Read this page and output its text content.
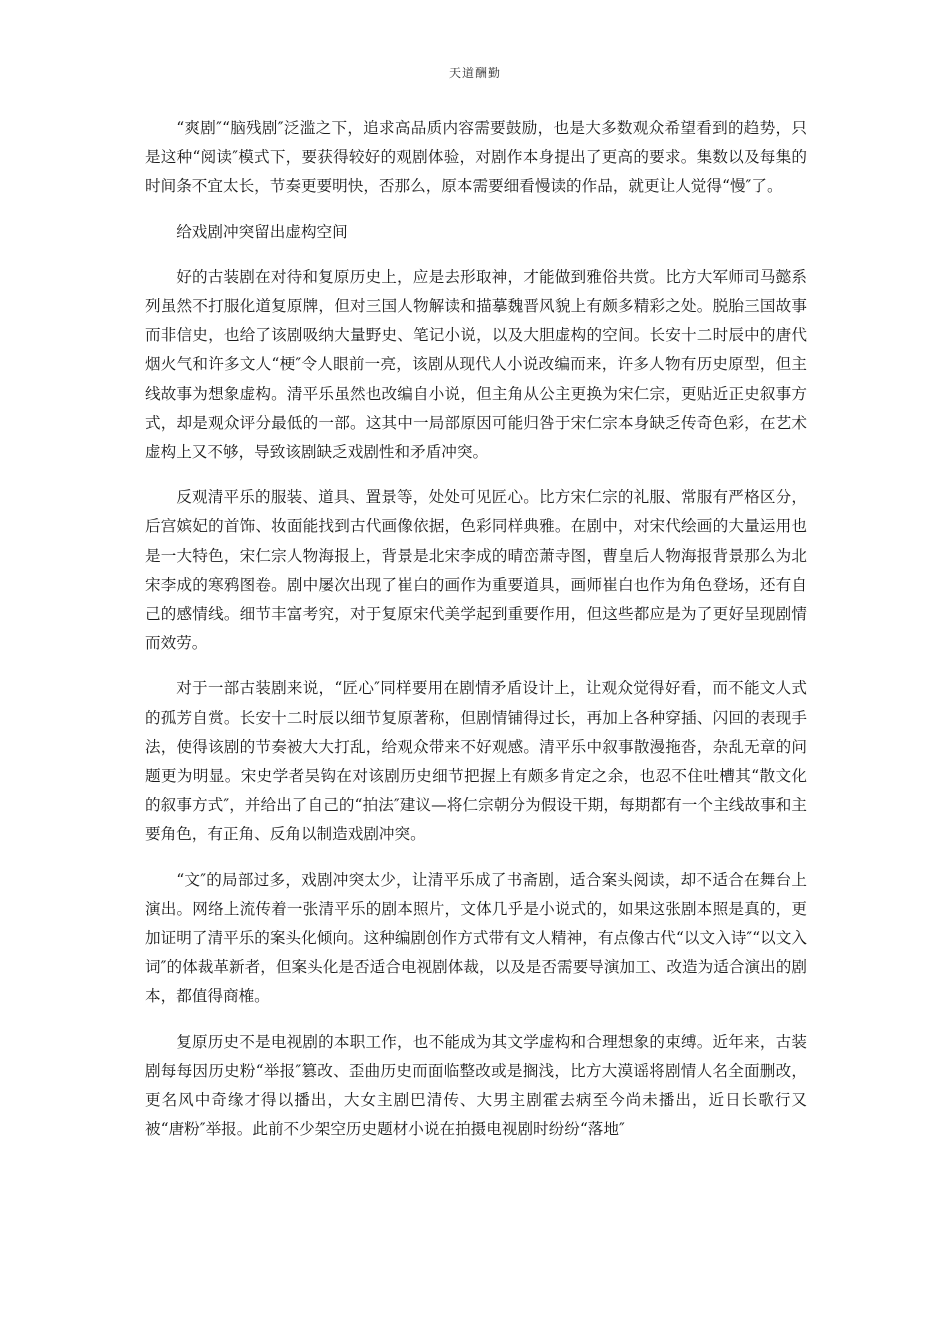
天道酬勤

“爽剧″“脑残剧″泛滥之下，追求高品质内容需要鼓励，也是大多数观众希望看到的趋势，只是这种“阅读″模式下，要获得较好的观剧体验，对剧作本身提出了更高的要求。集数以及每集的时间条不宜太长，节奏更要明快，否那么，原本需要细看慢读的作品，就更让人觉得“慢″了。

给戏剧冲突留出虚构空间

好的古装剧在对待和复原历史上，应是去形取神，才能做到雅俗共赏。比方大军师司马懿系列虽然不打服化道复原牌，但对三国人物解读和描摹魏晋风貌上有颇多精彩之处。脱胎三国故事而非信史，也给了该剧吸纳大量野史、笔记小说，以及大胆虚构的空间。长安十二时辰中的唐代烟火气和许多文人“梗″令人眼前一亮，该剧从现代人小说改编而来，许多人物有历史原型，但主线故事为想象虚构。清平乐虽然也改编自小说，但主角从公主更换为宋仁宗，更贴近正史叙事方式，却是观众评分最低的一部。这其中一局部原因可能归咎于宋仁宗本身缺乏传奇色彩，在艺术虚构上又不够，导致该剧缺乏戏剧性和矛盾冲突。

反观清平乐的服装、道具、置景等，处处可见匠心。比方宋仁宗的礼服、常服有严格区分，后宫嫔妃的首饰、妆面能找到古代画像依据，色彩同样典雅。在剧中，对宋代绘画的大量运用也是一大特色，宋仁宗人物海报上，背景是北宋李成的晴峦萧寺图，曹皇后人物海报背景那么为北宋李成的寒鸦图卷。剧中屡次出现了崔白的画作为重要道具，画师崔白也作为角色登场，还有自己的感情线。细节丰富考究，对于复原宋代美学起到重要作用，但这些都应是为了更好呈现剧情而效劳。

对于一部古装剧来说，“匠心″同样要用在剧情矛盾设计上，让观众觉得好看，而不能文人式的孤芳自赏。长安十二时辰以细节复原著称，但剧情铺得过长，再加上各种穿插、闪回的表现手法，使得该剧的节奏被大大打乱，给观众带来不好观感。清平乐中叙事散漫拖沓，杂乱无章的问题更为明显。宋史学者吴钩在对该剧历史细节把握上有颇多肯定之余，也忍不住吐槽其“散文化的叙事方式″，并给出了自己的“拍法″建议—将仁宗朝分为假设干期，每期都有一个主线故事和主要角色，有正角、反角以制造戏剧冲突。

“文″的局部过多，戏剧冲突太少，让清平乐成了书斋剧，适合案头阅读，却不适合在舞台上演出。网络上流传着一张清平乐的剧本照片，文体几乎是小说式的，如果这张剧本照是真的，更加证明了清平乐的案头化倾向。这种编剧创作方式带有文人精神，有点像古代“以文入诗″“以文入词″的体裁革新者，但案头化是否适合电视剧体裁，以及是否需要导演加工、改造为适合演出的剧本，都值得商榷。

复原历史不是电视剧的本职工作，也不能成为其文学虚构和合理想象的束缚。近年来，古装剧每每因历史粉“举报″篡改、歪曲历史而面临整改或是搁浅，比方大漠谣将剧情人名全面删改，更名风中奇缘才得以播出，大女主剧巴清传、大男主剧霍去病至今尚未播出，近日长歌行又被“唐粉″举报。此前不少架空历史题材小说在拍摄电视剧时纷纷“落地″
